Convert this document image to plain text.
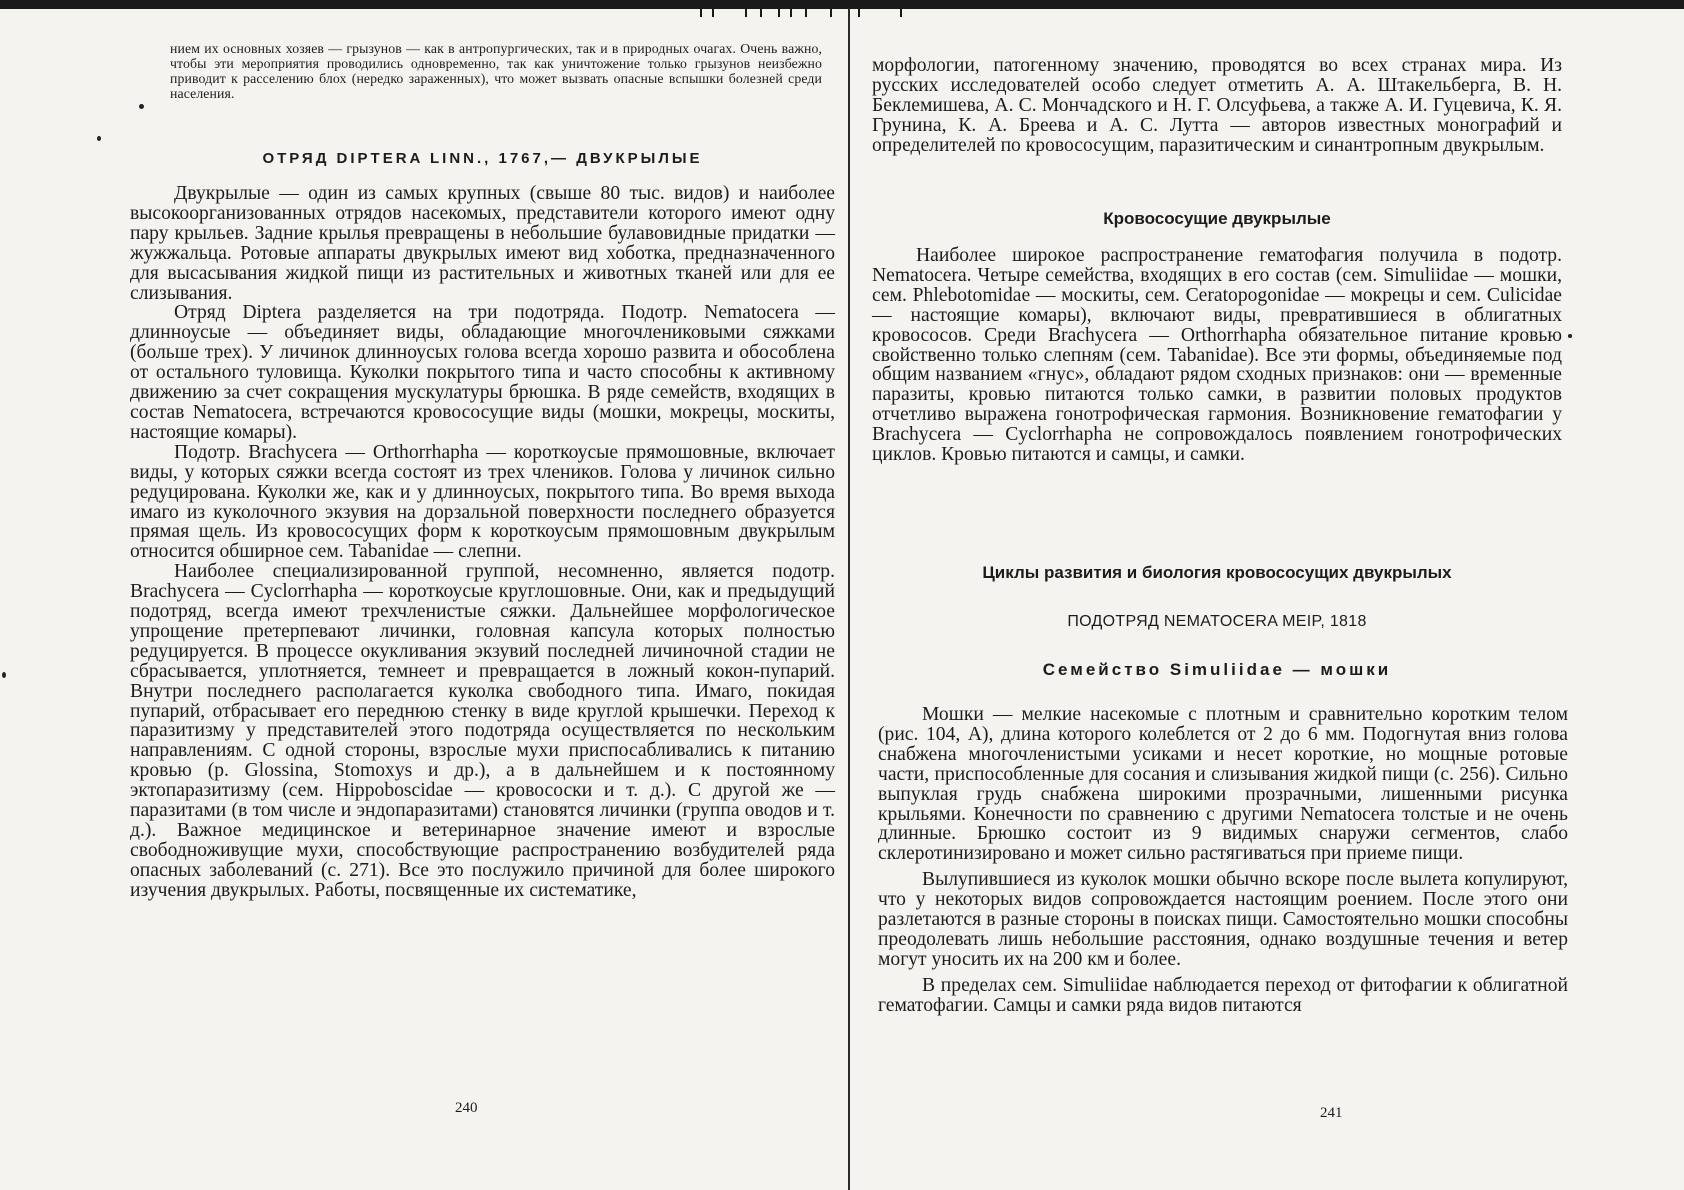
нием их основных хозяев — грызунов — как в антропургических, так и в природных очагах. Очень важно, чтобы эти мероприятия проводились одновременно, так как уничтожение только грызунов неизбежно приводит к расселению блох (нередко зараженных), что может вызвать опасные вспышки болезней среди населения.

ОТРЯД DIPTERA LINN., 1767,— ДВУКРЫЛЫЕ

Двукрылые — один из самых крупных (свыше 80 тыс. видов) и наиболее высокоорганизованных отрядов насекомых, представители которого имеют одну пару крыльев. Задние крылья превращены в небольшие булавовидные придатки — жужжальца. Ротовые аппараты двукрылых имеют вид хоботка, предназначенного для высасывания жидкой пищи из растительных и животных тканей или для ее слизывания.

Отряд Diptera разделяется на три подотряда. Подотр. Nematocera — длинноусые — объединяет виды, обладающие многочлениковыми сяжками (больше трех). У личинок длинноусых голова всегда хорошо развита и обособлена от остального туловища. Куколки покрытого типа и часто способны к активному движению за счет сокращения мускулатуры брюшка. В ряде семейств, входящих в состав Nematocera, встречаются кровососущие виды (мошки, мокрецы, москиты, настоящие комары).

Подотр. Brachycera — Orthorrhapha — короткоусые прямошовные, включает виды, у которых сяжки всегда состоят из трех члеников. Голова у личинок сильно редуцирована. Куколки же, как и у длинноусых, покрытого типа. Во время выхода имаго из куколочного экзувия на дорзальной поверхности последнего образуется прямая щель. Из кровососущих форм к короткоусым прямошовным двукрылым относится обширное сем. Tabanidae — слепни.

Наиболее специализированной группой, несомненно, является подотр. Brachycera — Cyclorrhapha — короткоусые круглошовные. Они, как и предыдущий подотряд, всегда имеют трехчленистые сяжки. Дальнейшее морфологическое упрощение претерпевают личинки, головная капсула которых полностью редуцируется. В процессе окукливания экзувий последней личиночной стадии не сбрасывается, уплотняется, темнеет и превращается в ложный кокон-пупарий. Внутри последнего располагается куколка свободного типа. Имаго, покидая пупарий, отбрасывает его переднюю стенку в виде круглой крышечки. Переход к паразитизму у представителей этого подотряда осуществляется по нескольким направлениям. С одной стороны, взрослые мухи приспосабливались к питанию кровью (р. Glossina, Stomoxys и др.), а в дальнейшем и к постоянному эктопаразитизму (сем. Hippoboscidae — кровососки и т. д.). С другой же — паразитами (в том числе и эндопаразитами) становятся личинки (группа оводов и т. д.). Важное медицинское и ветеринарное значение имеют и взрослые свободноживущие мухи, способствующие распространению возбудителей ряда опасных заболеваний (с. 271). Все это послужило причиной для более широкого изучения двукрылых. Работы, посвященные их систематике,

240

морфологии, патогенному значению, проводятся во всех странах мира. Из русских исследователей особо следует отметить А. А. Штакельберга, В. Н. Беклемишева, А. С. Мончадского и Н. Г. Олсуфьева, а также А. И. Гуцевича, К. Я. Грунина, К. А. Бреева и А. С. Лутта — авторов известных монографий и определителей по кровососущим, паразитическим и синантропным двукрылым.

Кровососущие двукрылые

Наиболее широкое распространение гематофагия получила в подотр. Nematocera. Четыре семейства, входящих в его состав (сем. Simuliidae — мошки, сем. Phlebotomidae — москиты, сем. Ceratopogonidae — мокрецы и сем. Culicidae — настоящие комары), включают виды, превратившиеся в облигатных кровососов. Среди Brachycera — Orthorrhapha обязательное питание кровью свойственно только слепням (сем. Tabanidae). Все эти формы, объединяемые под общим названием «гнус», обладают рядом сходных признаков: они — временные паразиты, кровью питаются только самки, в развитии половых продуктов отчетливо выражена гонотрофическая гармония. Возникновение гематофагии у Brachycera — Cyclorrhapha не сопровождалось появлением гонотрофических циклов. Кровью питаются и самцы, и самки.

Циклы развития и биология кровососущих двукрылых
ПОДОТРЯД NEMATOCERA MEIP, 1818
Семейство Simuliidae — мошки

Мошки — мелкие насекомые с плотным и сравнительно коротким телом (рис. 104, А), длина которого колеблется от 2 до 6 мм. Подогнутая вниз голова снабжена многочленистыми усиками и несет короткие, но мощные ротовые части, приспособленные для сосания и слизывания жидкой пищи (с. 256). Сильно выпуклая грудь снабжена широкими прозрачными, лишенными рисунка крыльями. Конечности по сравнению с другими Nematocera толстые и не очень длинные. Брюшко состоит из 9 видимых снаружи сегментов, слабо склеротинизировано и может сильно растягиваться при приеме пищи.

Вылупившиеся из куколок мошки обычно вскоре после вылета копулируют, что у некоторых видов сопровождается настоящим роением. После этого они разлетаются в разные стороны в поисках пищи. Самостоятельно мошки способны преодолевать лишь небольшие расстояния, однако воздушные течения и ветер могут уносить их на 200 км и более.

В пределах сем. Simuliidae наблюдается переход от фитофагии к облигатной гематофагии. Самцы и самки ряда видов питаются

241
